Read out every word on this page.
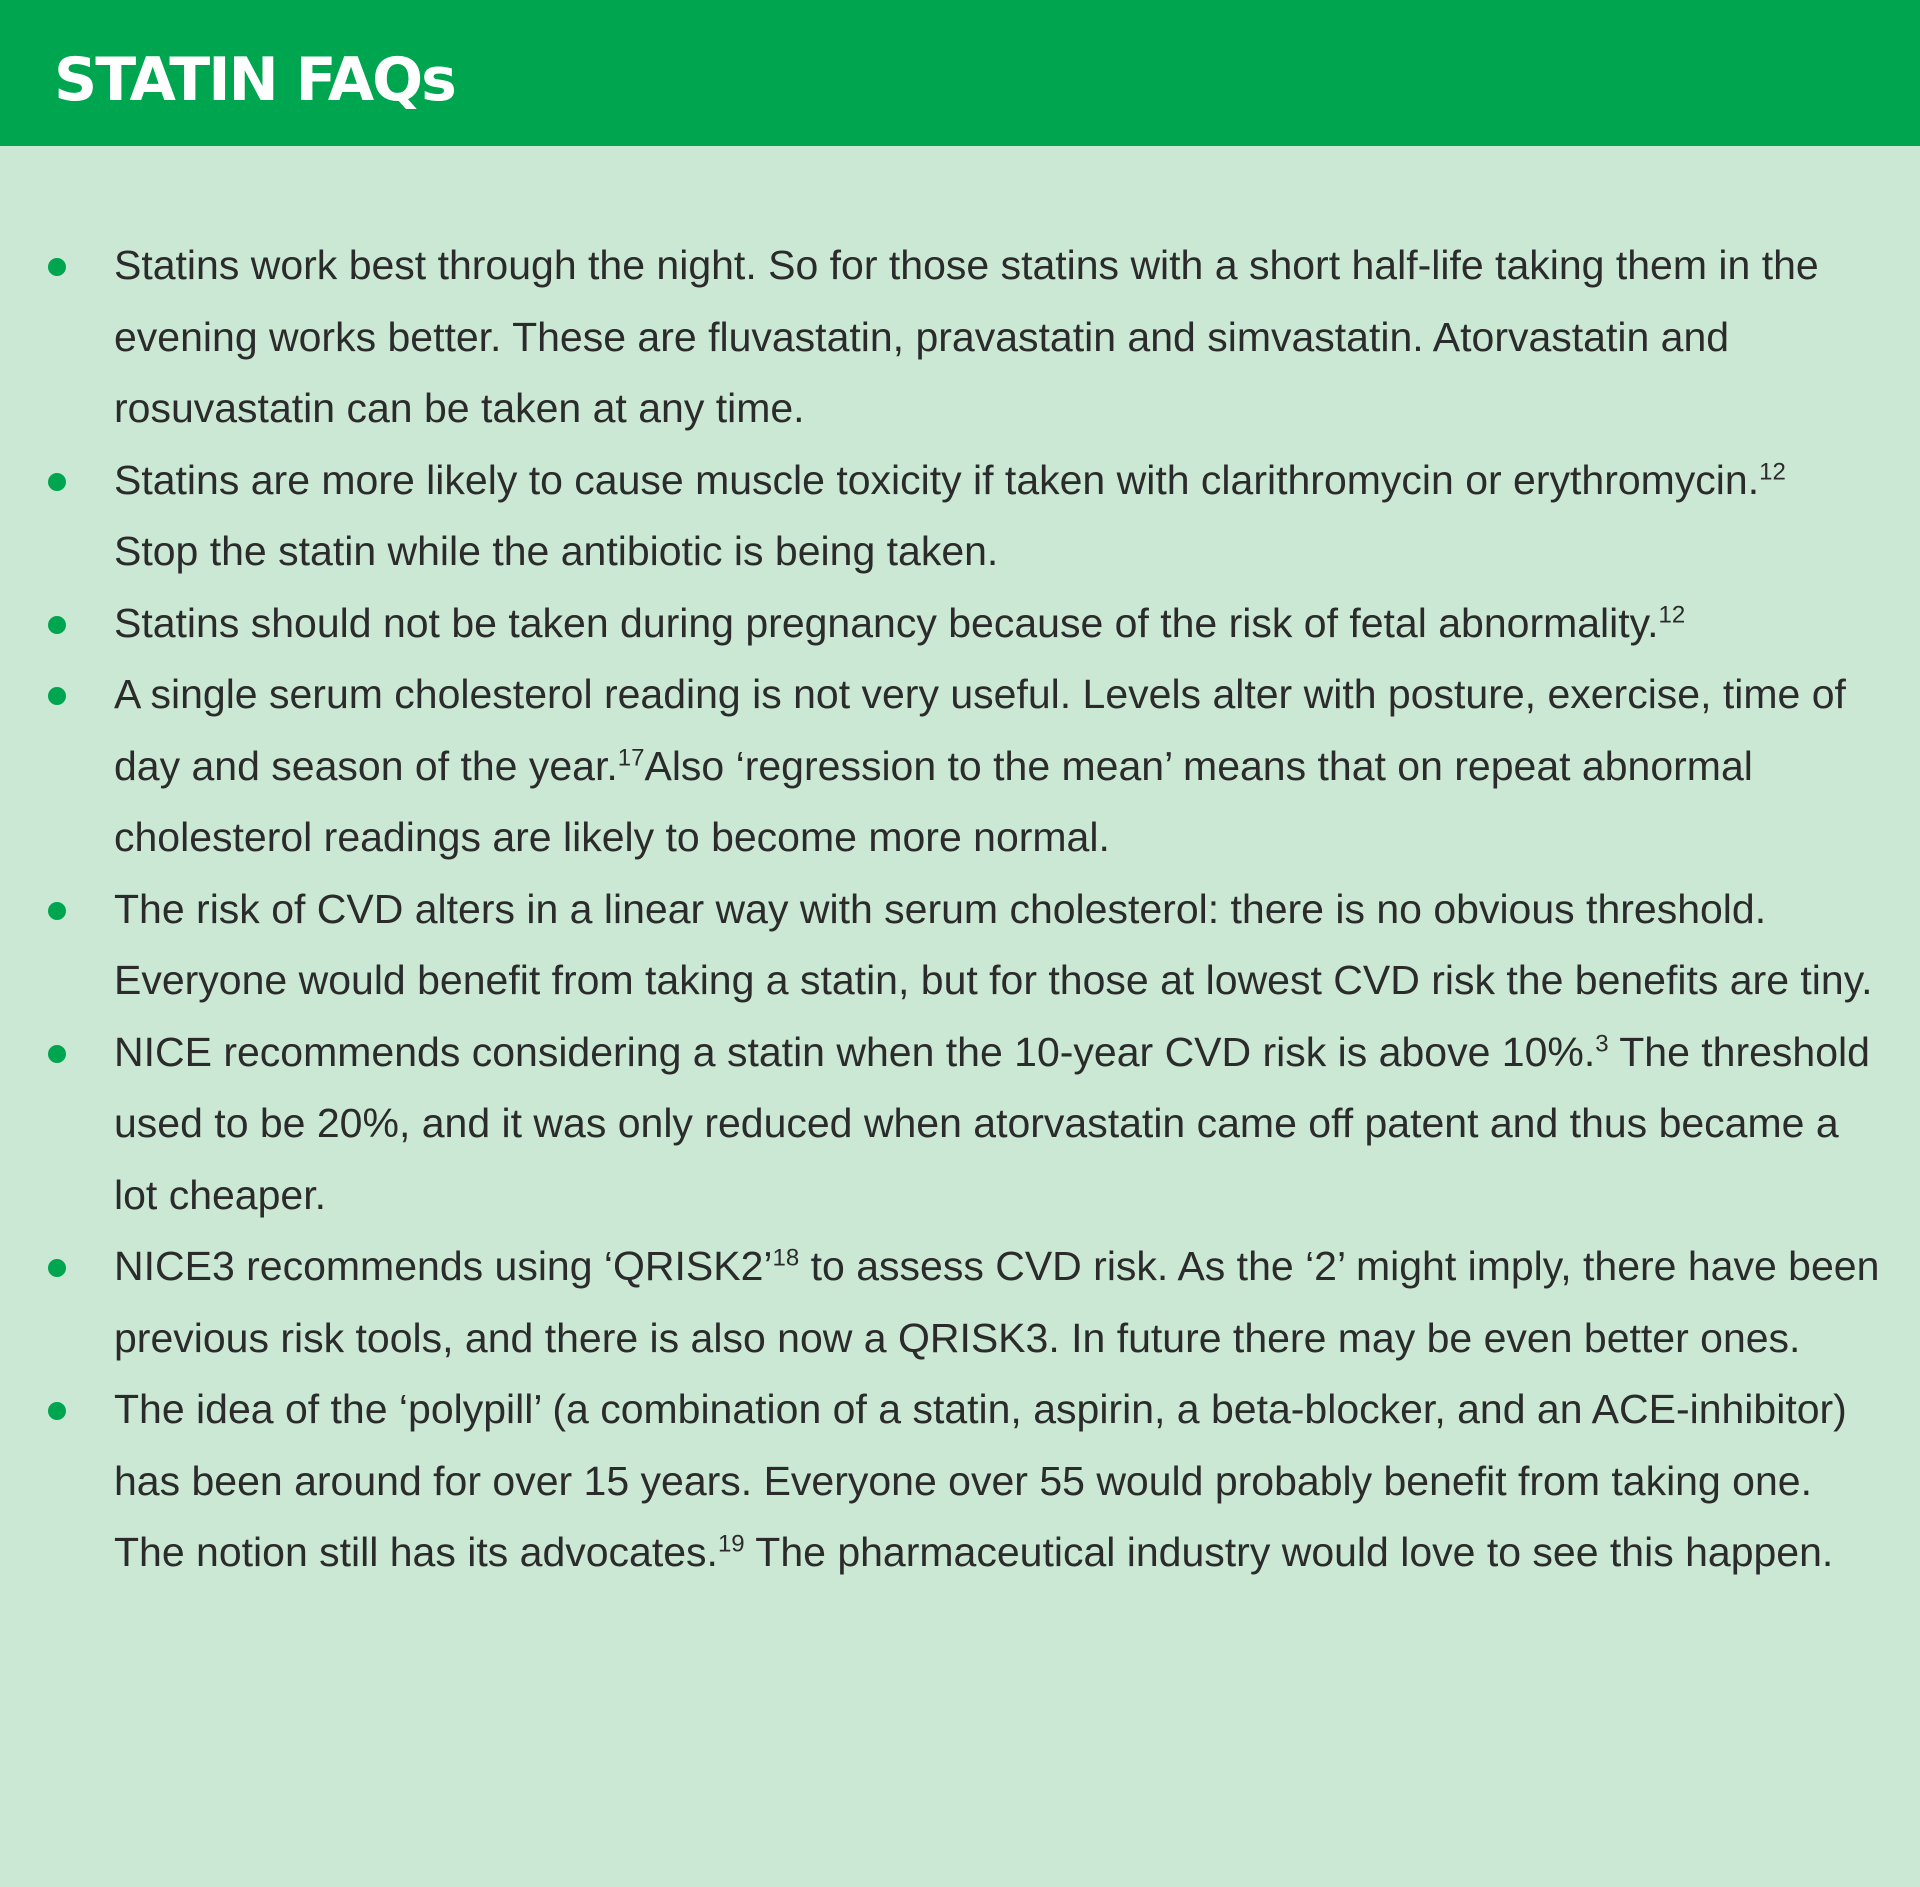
STATIN FAQs
Statins work best through the night. So for those statins with a short half-life taking them in the evening works better. These are fluvastatin, pravastatin and simvastatin. Atorvastatin and rosuvastatin can be taken at any time.
Statins are more likely to cause muscle toxicity if taken with clarithromycin or erythromycin.$^{12}$ Stop the statin while the antibiotic is being taken.
Statins should not be taken during pregnancy because of the risk of fetal abnormality.$^{12}$
A single serum cholesterol reading is not very useful. Levels alter with posture, exercise, time of day and season of the year.$^{17}$Also ‘regression to the mean’ means that on repeat abnormal cholesterol readings are likely to become more normal.
The risk of CVD alters in a linear way with serum cholesterol: there is no obvious threshold. Everyone would benefit from taking a statin, but for those at lowest CVD risk the benefits are tiny.
NICE recommends considering a statin when the 10-year CVD risk is above 10%.$^3$ The threshold used to be 20%, and it was only reduced when atorvastatin came off patent and thus became a lot cheaper.
NICE3 recommends using ‘QRISK2’$^{18}$ to assess CVD risk. As the ‘2’ might imply, there have been previous risk tools, and there is also now a QRISK3. In future there may be even better ones.
The idea of the ‘polypill’ (a combination of a statin, aspirin, a beta-blocker, and an ACE-inhibitor) has been around for over 15 years. Everyone over 55 would probably benefit from taking one. The notion still has its advocates.$^{19}$ The pharmaceutical industry would love to see this happen.
